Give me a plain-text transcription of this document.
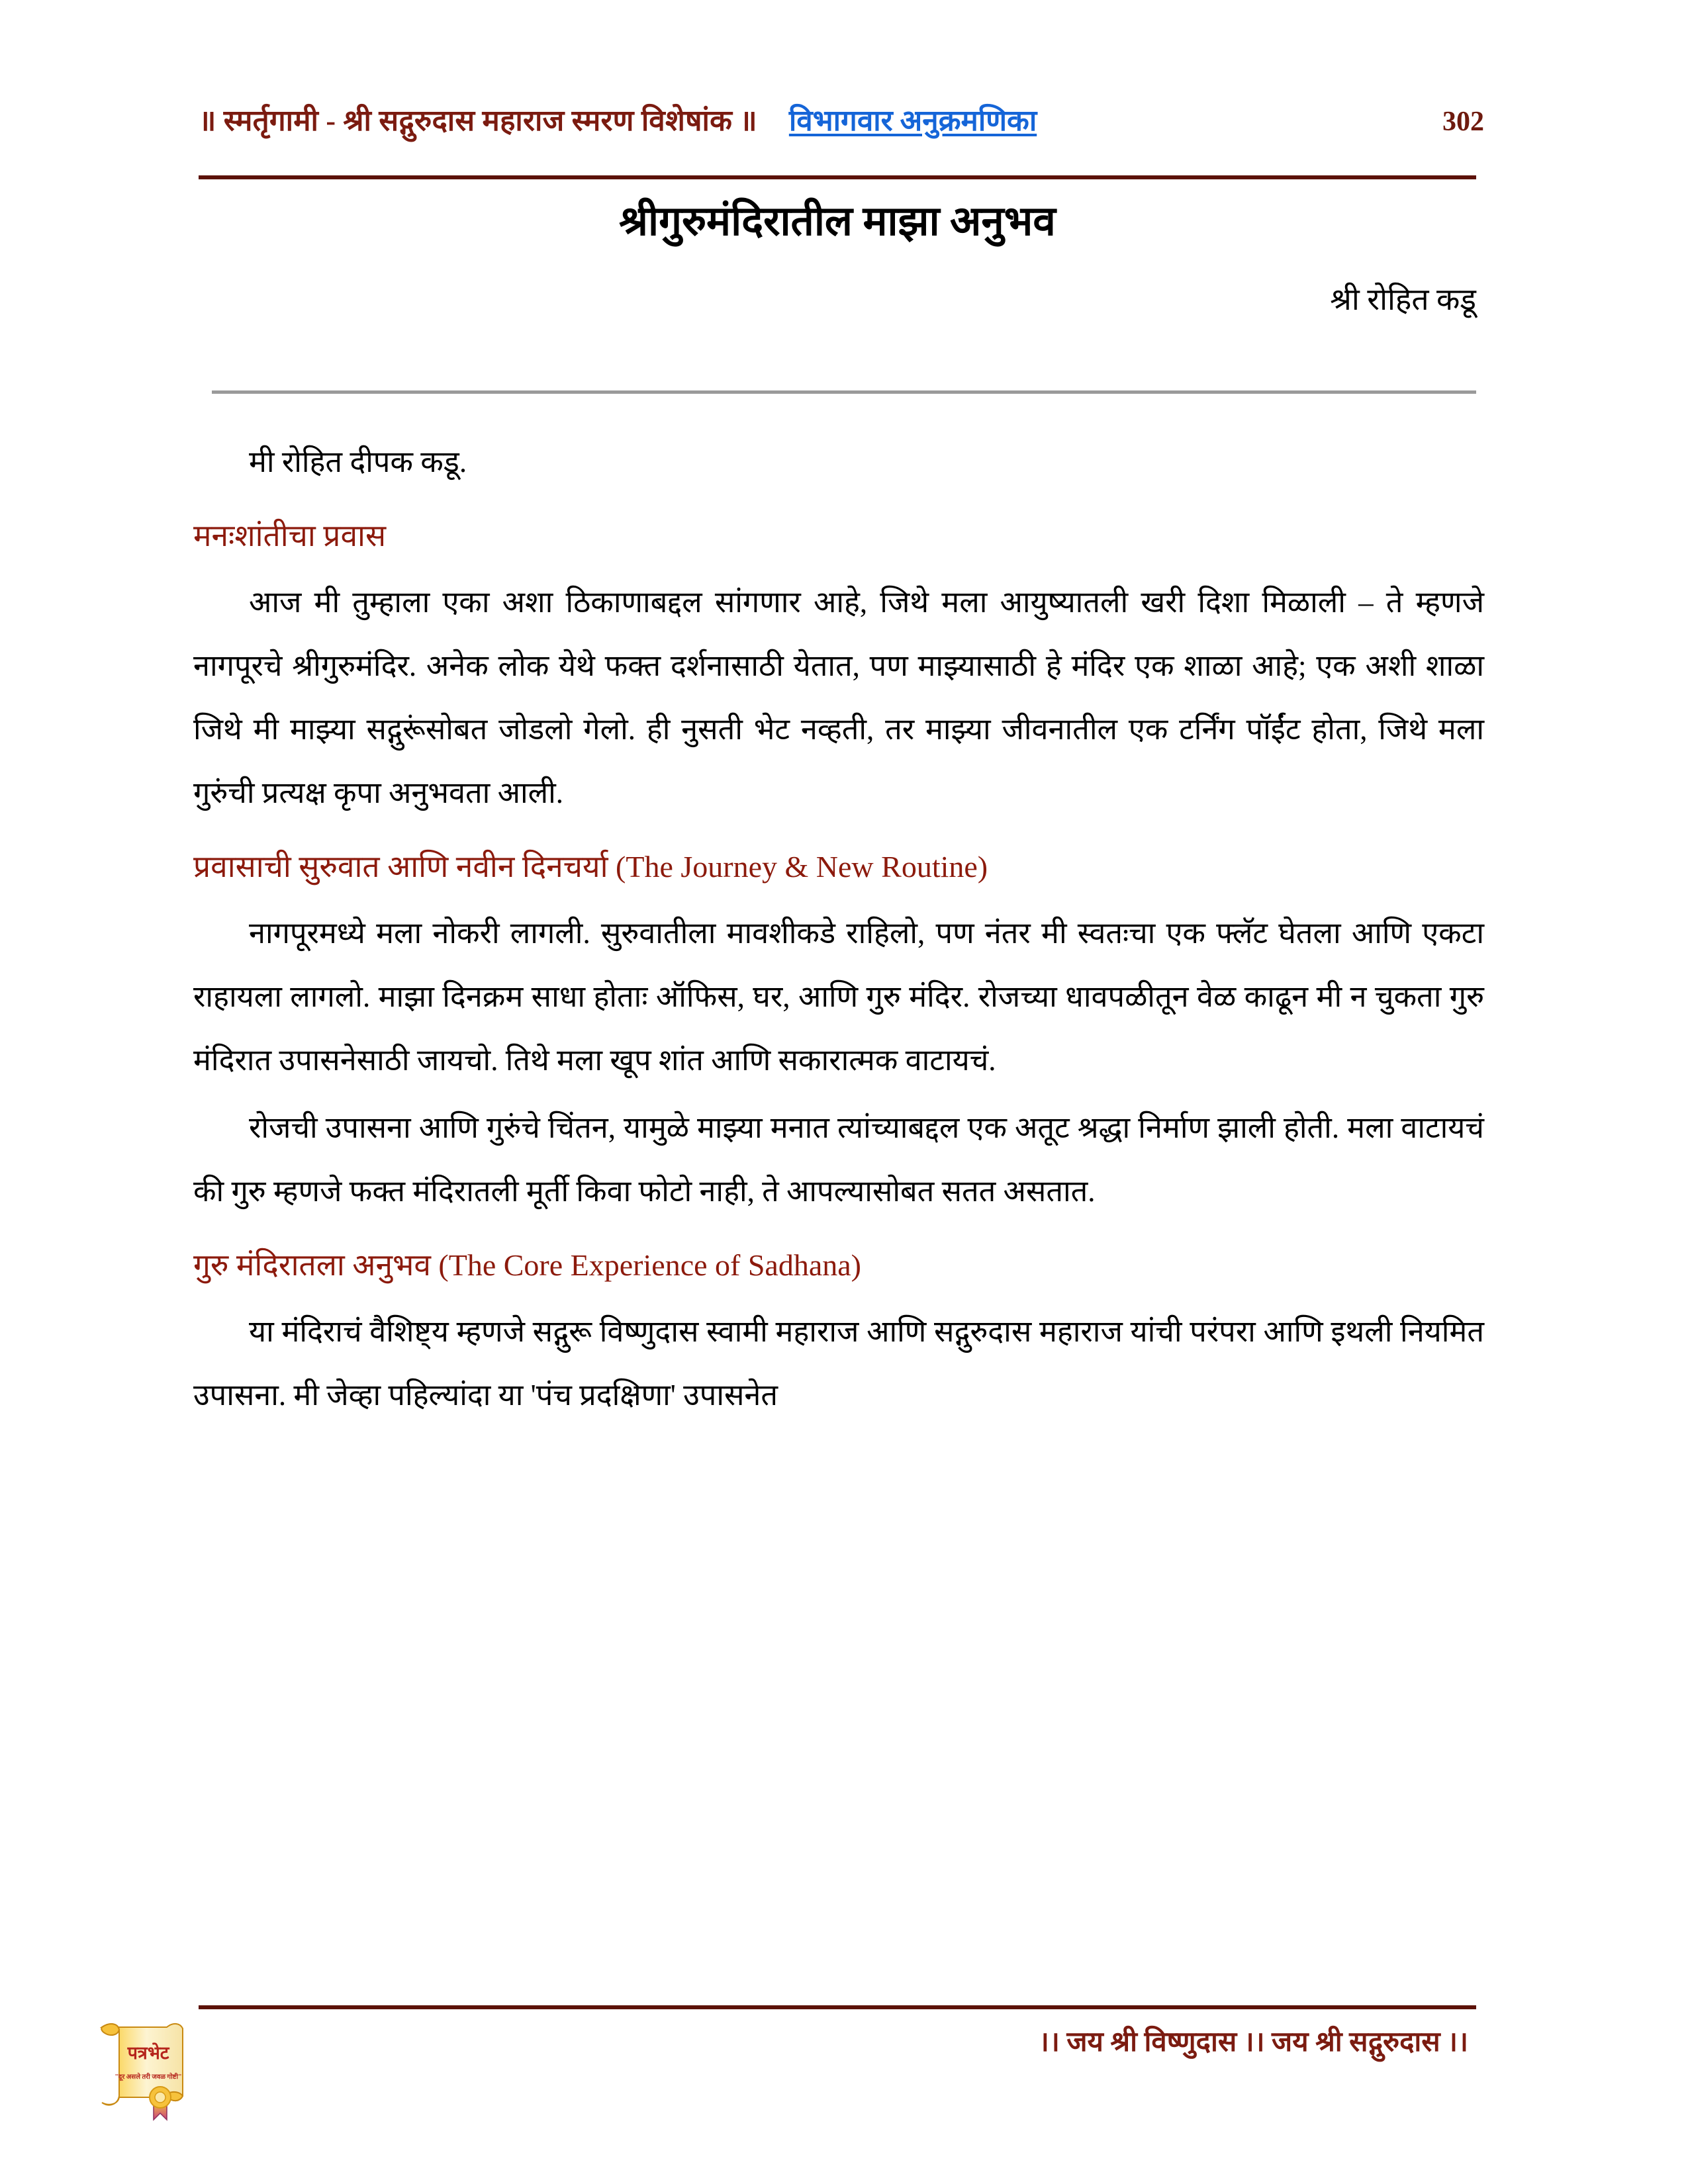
॥ स्मर्तृगामी - श्री सद्गुरुदास महाराज स्मरण विशेषांक ॥ विभागवार अनुक्रमणिका	302
श्रीगुरुमंदिरातील माझा अनुभव
श्री रोहित कडू

मी रोहित दीपक कडू.

मनःशांतीचा प्रवास

आज मी तुम्हाला एका अशा ठिकाणाबद्दल सांगणार आहे, जिथे मला आयुष्यातली खरी दिशा मिळाली – ते म्हणजे नागपूरचे श्रीगुरुमंदिर. अनेक लोक येथे फक्त दर्शनासाठी येतात, पण माझ्यासाठी हे मंदिर एक शाळा आहे; एक अशी शाळा जिथे मी माझ्या सद्गुरूंसोबत जोडलो गेलो. ही नुसती भेट नव्हती, तर माझ्या जीवनातील एक टर्निंग पॉईंट होता, जिथे मला गुरुंची प्रत्यक्ष कृपा अनुभवता आली.

प्रवासाची सुरुवात आणि नवीन दिनचर्या (The Journey & New Routine)

नागपूरमध्ये मला नोकरी लागली. सुरुवातीला मावशीकडे राहिलो, पण नंतर मी स्वतःचा एक फ्लॅट घेतला आणि एकटा राहायला लागलो. माझा दिनक्रम साधा होताः ऑफिस, घर, आणि गुरु मंदिर. रोजच्या धावपळीतून वेळ काढून मी न चुकता गुरु मंदिरात उपासनेसाठी जायचो. तिथे मला खूप शांत आणि सकारात्मक वाटायचं.

रोजची उपासना आणि गुरुंचे चिंतन, यामुळे माझ्या मनात त्यांच्याबद्दल एक अतूट श्रद्धा निर्माण झाली होती. मला वाटायचं की गुरु म्हणजे फक्त मंदिरातली मूर्ती किवा फोटो नाही, ते आपल्यासोबत सतत असतात.

गुरु मंदिरातला अनुभव (The Core Experience of Sadhana)

या मंदिराचं वैशिष्ट्य म्हणजे सद्गुरू विष्णुदास स्वामी महाराज आणि सद्गुरुदास महाराज यांची परंपरा आणि इथली नियमित उपासना. मी जेव्हा पहिल्यांदा या 'पंच प्रदक्षिणा' उपासनेत

पत्रभेट
"दूर असले तरी जवळ गोष्टी"
।। जय श्री विष्णुदास ।। जय श्री सद्गुरुदास ।।
